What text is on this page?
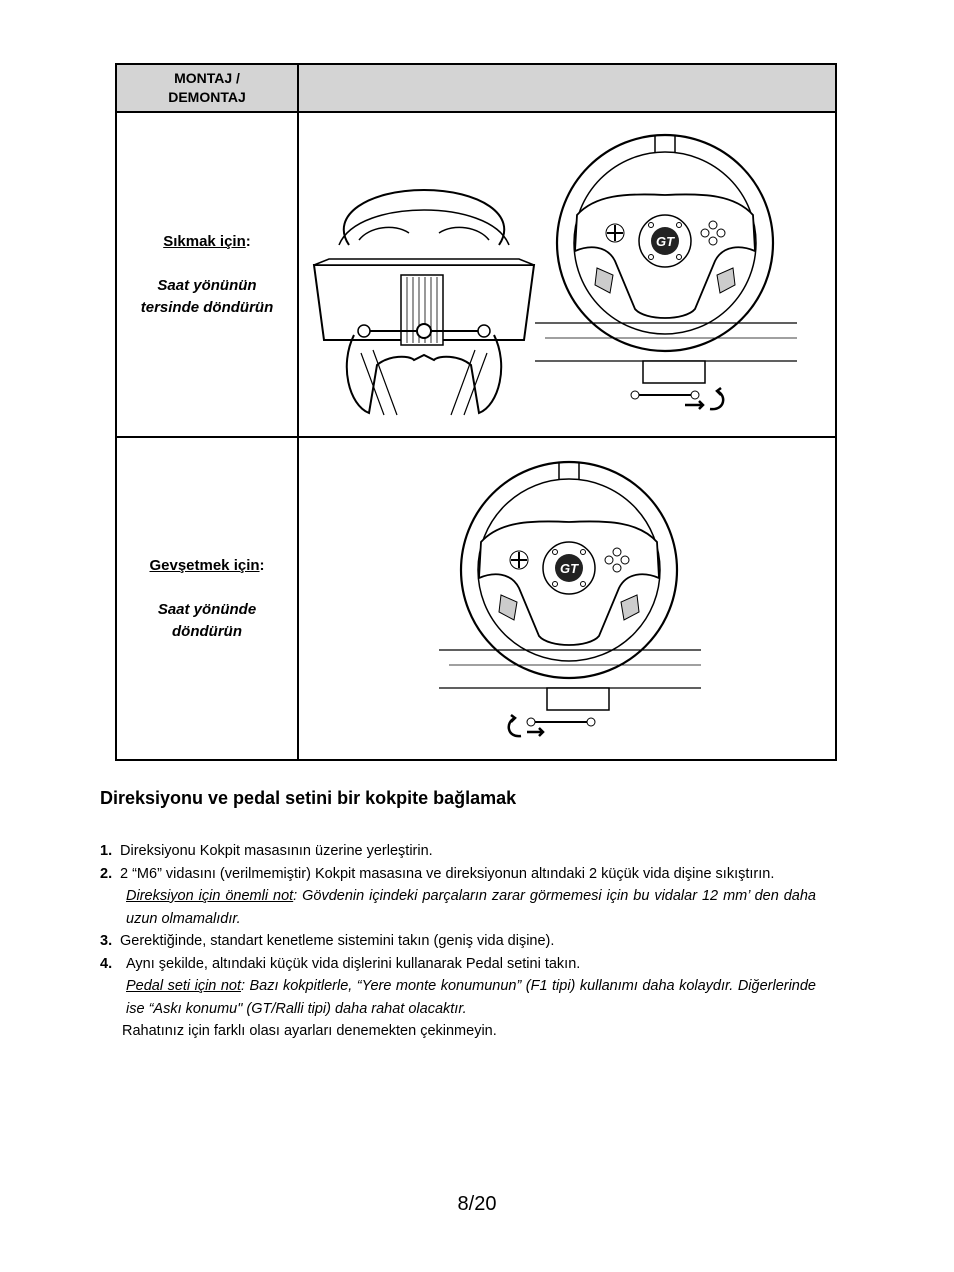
MONTAJ /
DEMONTAJ
Sıkmak için:
Saat yönünün tersinde döndürün
Gevşetmek için:
Saat yönünde döndürün
Direksiyonu ve pedal setini bir kokpite bağlamak
1. Direksiyonu Kokpit masasının üzerine yerleştirin.
2. 2 “M6” vidasını (verilmemiştir) Kokpit masasına ve direksiyonun altındaki 2 küçük vida dişine sıkıştırın.
Direksiyon için önemli not: Gövdenin içindeki parçaların zarar görmemesi için bu vidalar 12 mm’ den daha uzun olmamalıdır.
3. Gerektiğinde, standart kenetleme sistemini takın (geniş vida dişine).
4. Aynı şekilde, altındaki küçük vida dişlerini kullanarak Pedal setini takın.
Pedal seti için not: Bazı kokpitlerle, “Yere monte konumunun” (F1 tipi) kullanımı daha kolaydır. Diğerlerinde ise “Askı konumu" (GT/Ralli tipi) daha rahat olacaktır.
Rahatınız için farklı olası ayarları denemekten çekinmeyin.
8/20
